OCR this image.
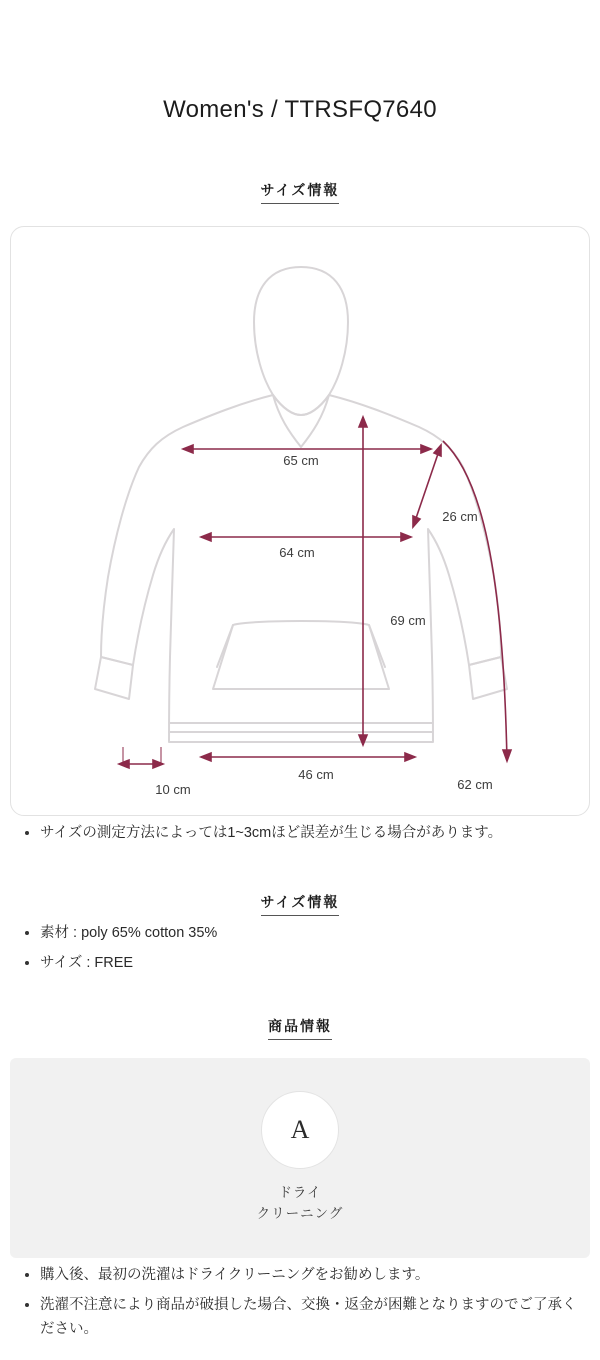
Women's / TTRSFQ7640
サイズ情報
65 cm
26 cm
64 cm
69 cm
46 cm
10 cm	62 cm
サイズの測定方法によっては1~3cmほど誤差が生じる場合があります。
サイズ情報
素材 : poly 65% cotton 35%
サイズ : FREE
商品情報
A
ドライ
クリーニング
購入後、最初の洗濯はドライクリーニングをお勧めします。
洗濯不注意により商品が破損した場合、交換・返金が困難となりますのでご了承ください。
